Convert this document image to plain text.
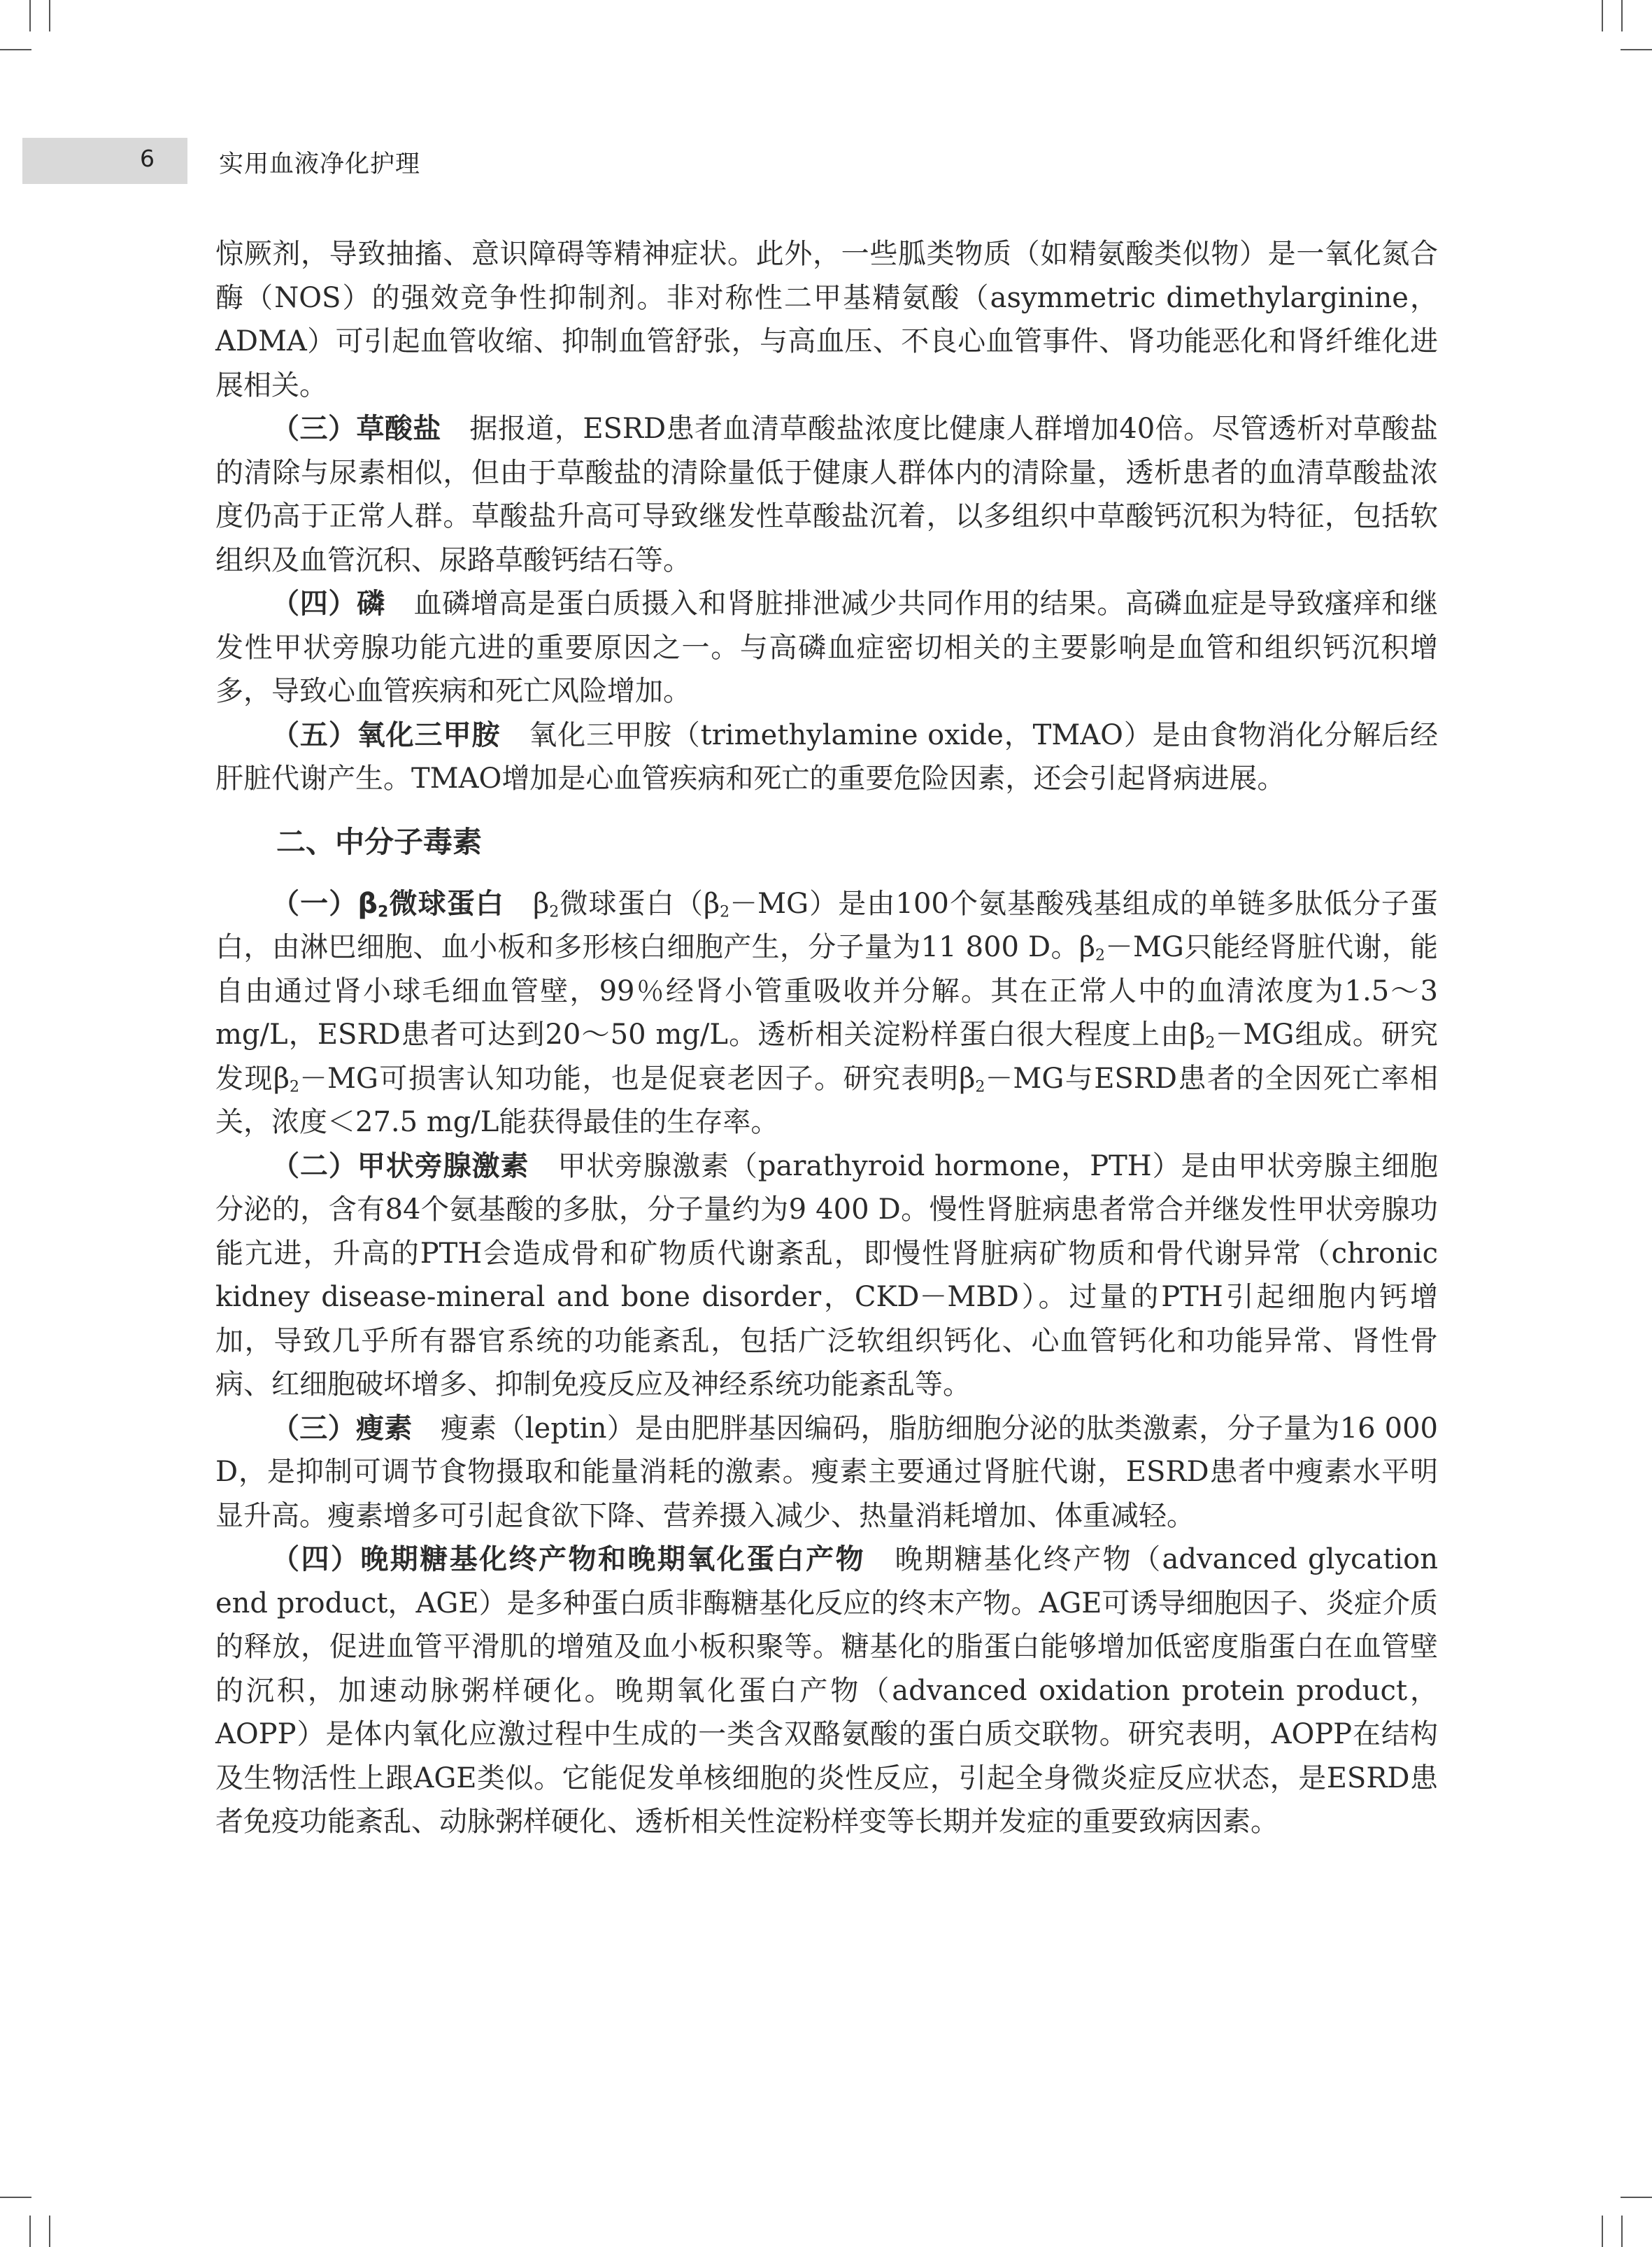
6	实用血液净化护理

惊厥剂，导致抽搐、意识障碍等精神症状。此外，一些胍类物质（如精氨酸类似物）是一氧化氮合酶（NOS）的强效竞争性抑制剂。非对称性二甲基精氨酸（asymmetric dimethylarginine，ADMA）可引起血管收缩、抑制血管舒张，与高血压、不良心血管事件、肾功能恶化和肾纤维化进展相关。

（三）草酸盐　据报道，ESRD患者血清草酸盐浓度比健康人群增加40倍。尽管透析对草酸盐的清除与尿素相似，但由于草酸盐的清除量低于健康人群体内的清除量，透析患者的血清草酸盐浓度仍高于正常人群。草酸盐升高可导致继发性草酸盐沉着，以多组织中草酸钙沉积为特征，包括软组织及血管沉积、尿路草酸钙结石等。

（四）磷　血磷增高是蛋白质摄入和肾脏排泄减少共同作用的结果。高磷血症是导致瘙痒和继发性甲状旁腺功能亢进的重要原因之一。与高磷血症密切相关的主要影响是血管和组织钙沉积增多，导致心血管疾病和死亡风险增加。

（五）氧化三甲胺　氧化三甲胺（trimethylamine oxide，TMAO）是由食物消化分解后经肝脏代谢产生。TMAO增加是心血管疾病和死亡的重要危险因素，还会引起肾病进展。

二、中分子毒素

（一）$\beta_2$微球蛋白　$\beta_2$微球蛋白$(\beta_2-MG)$是由100个氨基酸残基组成的单链多肽低分子蛋白，由淋巴细胞、血小板和多形核白细胞产生，分子量为11 800 D。$\beta_2-MG$只能经肾脏代谢，能自由通过肾小球毛细血管壁，99％经肾小管重吸收并分解。其在正常人中的血清浓度为1.5～3 mg/L，ESRD患者可达到20～50 mg/L。透析相关淀粉样蛋白很大程度上由$\beta_2-MG$组成。研究发现$\beta_2-MG$可损害认知功能，也是促衰老因子。研究表明$\beta_2-MG$与ESRD患者的全因死亡率相关，浓度＜27.5 mg/L能获得最佳的生存率。

（二）甲状旁腺激素　甲状旁腺激素（parathyroid hormone，PTH）是由甲状旁腺主细胞分泌的，含有84个氨基酸的多肽，分子量约为9 400 D。慢性肾脏病患者常合并继发性甲状旁腺功能亢进，升高的PTH会造成骨和矿物质代谢紊乱，即慢性肾脏病矿物质和骨代谢异常（chronic kidney disease-mineral and bone disorder，CKD－MBD）。过量的PTH引起细胞内钙增加，导致几乎所有器官系统的功能紊乱，包括广泛软组织钙化、心血管钙化和功能异常、肾性骨病、红细胞破坏增多、抑制免疫反应及神经系统功能紊乱等。

（三）瘦素　瘦素（leptin）是由肥胖基因编码，脂肪细胞分泌的肽类激素，分子量为16 000 D，是抑制可调节食物摄取和能量消耗的激素。瘦素主要通过肾脏代谢，ESRD患者中瘦素水平明显升高。瘦素增多可引起食欲下降、营养摄入减少、热量消耗增加、体重减轻。

（四）晚期糖基化终产物和晚期氧化蛋白产物　晚期糖基化终产物（advanced glycation end product，AGE）是多种蛋白质非酶糖基化反应的终末产物。AGE可诱导细胞因子、炎症介质的释放，促进血管平滑肌的增殖及血小板积聚等。糖基化的脂蛋白能够增加低密度脂蛋白在血管壁的沉积，加速动脉粥样硬化。晚期氧化蛋白产物（advanced oxidation protein product，AOPP）是体内氧化应激过程中生成的一类含双酪氨酸的蛋白质交联物。研究表明，AOPP在结构及生物活性上跟AGE类似。它能促发单核细胞的炎性反应，引起全身微炎症反应状态，是ESRD患者免疫功能紊乱、动脉粥样硬化、透析相关性淀粉样变等长期并发症的重要致病因素。
